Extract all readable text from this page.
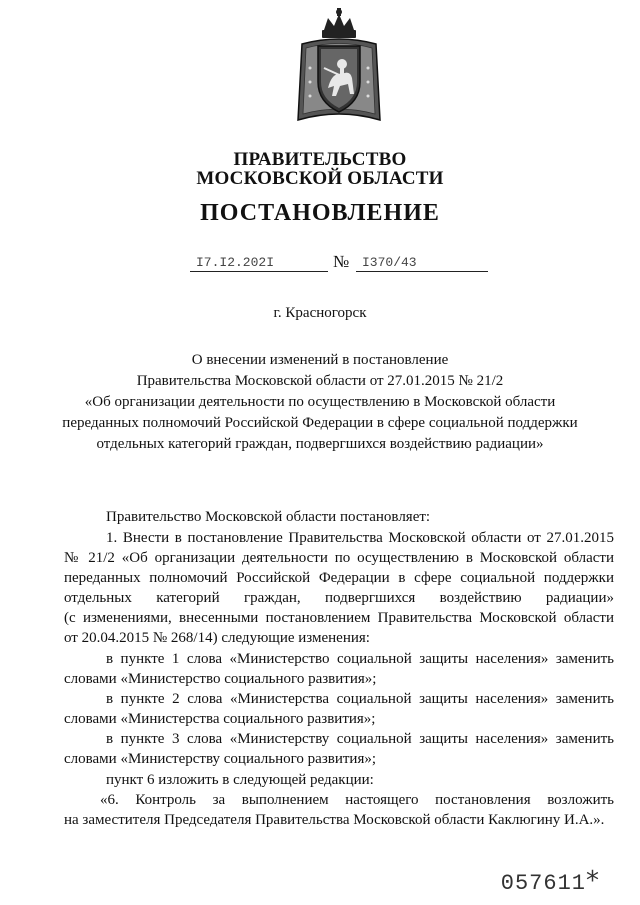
ПРАВИТЕЛЬСТВО
МОСКОВСКОЙ ОБЛАСТИ
ПОСТАНОВЛЕНИЕ
I7.I2.202I	№ I370/43
г. Красногорск
О внесении изменений в постановление
Правительства Московской области от 27.01.2015 № 21/2
«Об организации деятельности по осуществлению в Московской области
переданных полномочий Российской Федерации в сфере социальной поддержки
отдельных категорий граждан, подвергшихся воздействию радиации»
Правительство Московской области постановляет:
1. Внести в постановление Правительства Московской области от 27.01.2015
№ 21/2 «Об организации деятельности по осуществлению в Московской области
переданных полномочий Российской Федерации в сфере социальной поддержки
отдельных категорий граждан, подвергшихся воздействию радиации»
(с изменениями, внесенными постановлением Правительства Московской области
от 20.04.2015 № 268/14) следующие изменения:
в пункте 1 слова «Министерство социальной защиты населения» заменить
словами «Министерство социального развития»;
в пункте 2 слова «Министерства социальной защиты населения» заменить
словами «Министерства социального развития»;
в пункте 3 слова «Министерству социальной защиты населения» заменить
словами «Министерству социального развития»;
пункт 6 изложить в следующей редакции:
«6. Контроль за выполнением настоящего постановления возложить
на заместителя Председателя Правительства Московской области Каклюгину И.А.».
057611*
